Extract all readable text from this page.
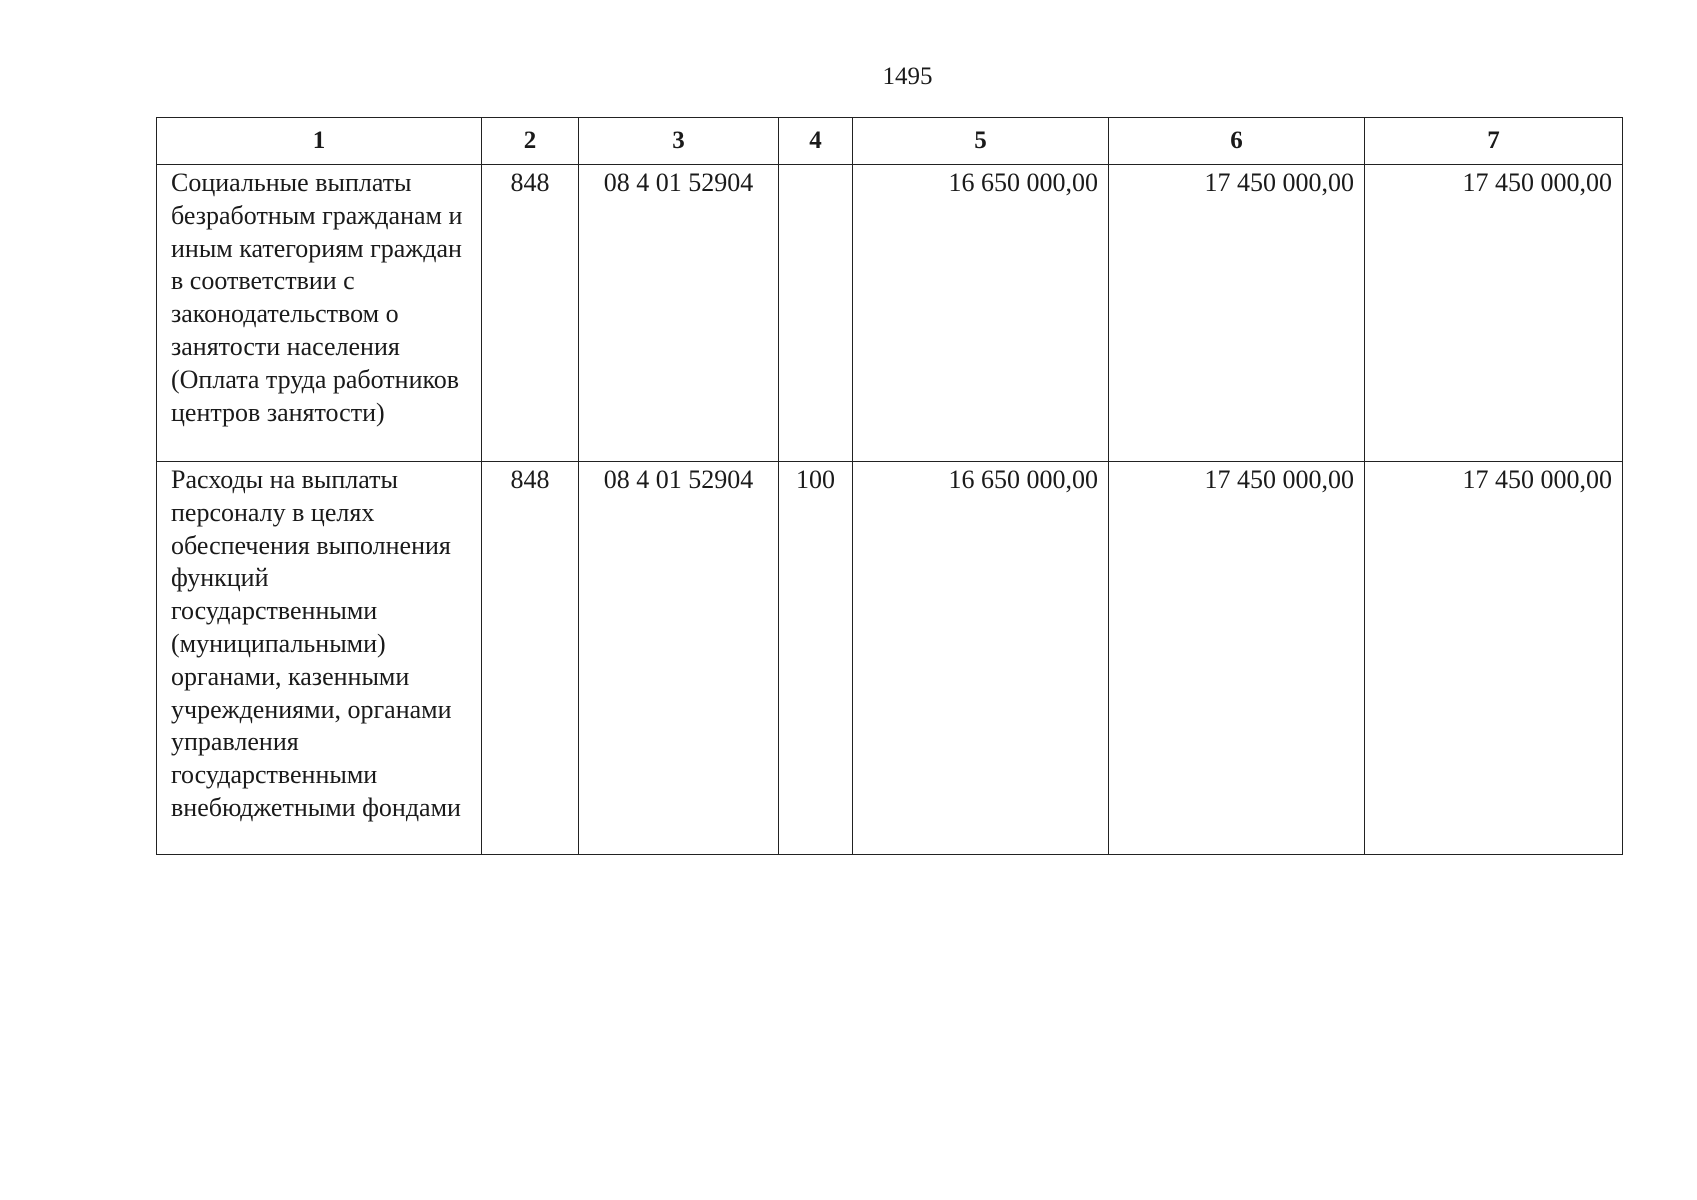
1495
1	2	3	4	5	6	7
Социальные выплаты безработным гражданам и иным категориям граждан в соответствии с законодательством о занятости населения (Оплата труда работников центров занятости)	848	08 4 01 52904		16 650 000,00	17 450 000,00	17 450 000,00
Расходы на выплаты персоналу в целях обеспечения выполнения функций государственными (муниципальными) органами, казенными учреждениями, органами управления государственными внебюджетными фондами	848	08 4 01 52904	100	16 650 000,00	17 450 000,00	17 450 000,00
